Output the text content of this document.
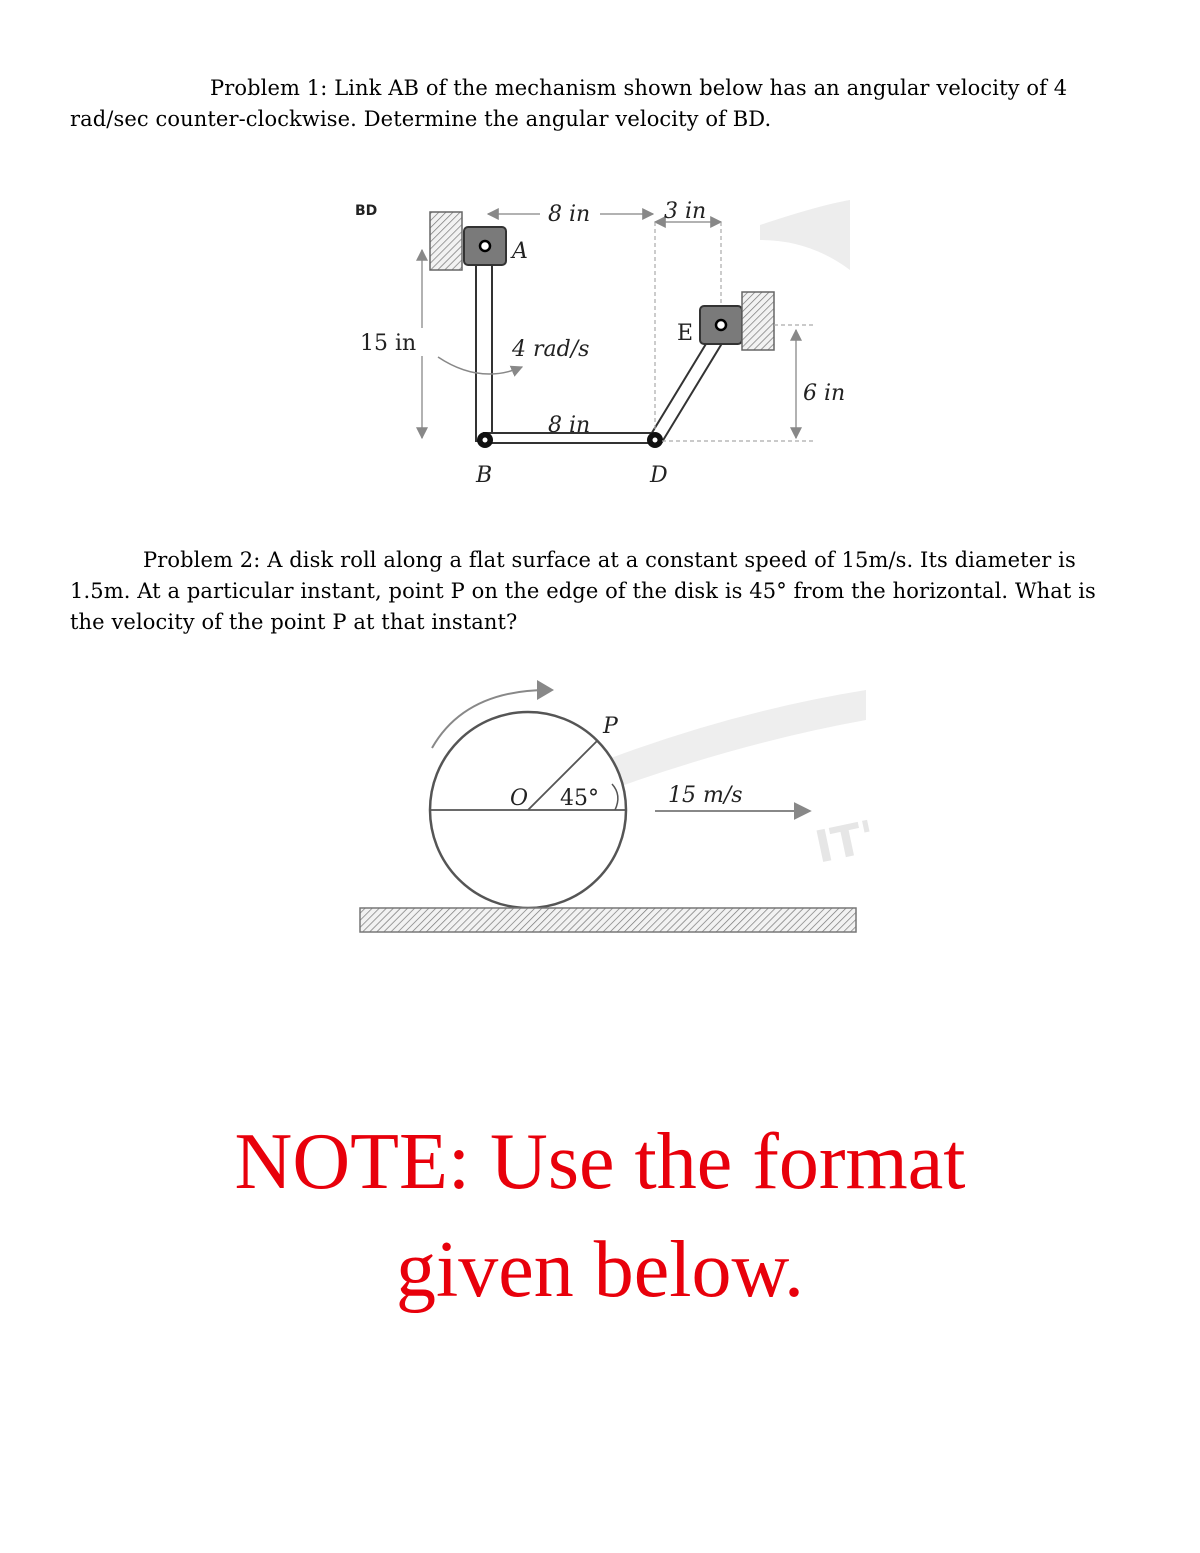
Problem 1: Link AB of the mechanism shown below has an angular velocity of 4 rad/sec counter-clockwise. Determine the angular velocity of BD.
BD
A
B	D
E
8 in	3 in
15 in
6 in
4 rad/s
8 in
Problem 2: A disk roll along a flat surface at a constant speed of 15m/s. Its diameter is 1.5m. At a particular instant, point P on the edge of the disk is 45° from the horizontal. What is the velocity of the point P at that instant?
IT'
P
O 45°	15 m/s
NOTE: Use the format
given below.
